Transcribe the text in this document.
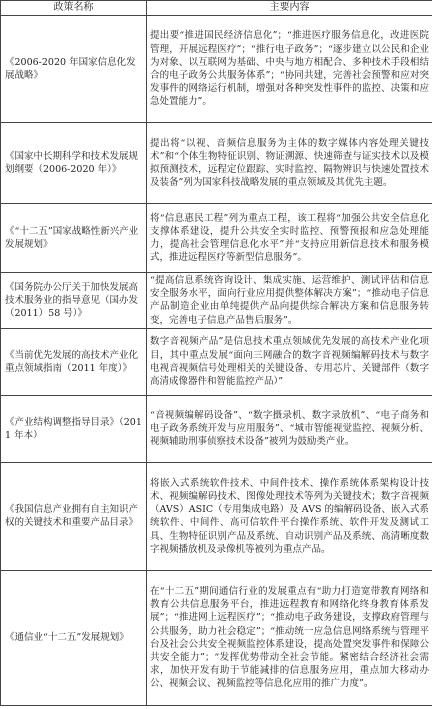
政策名称	主要内容
《2006-2020 年国家信息化发展战略》	提出要“推进国民经济信息化”；“推进医疗服务信息化，改进医院管理，开展远程医疗”；“推行电子政务”；“逐步建立以公民和企业为对象、以互联网为基础、中央与地方相配合、多种技术手段相结合的电子政务公共服务体系”；“协同共建，完善社会预警和应对突发事件的网络运行机制，增强对各种突发性事件的监控、决策和应急处置能力”。
《国家中长期科学和技术发展规划纲要（2006-2020 年）》	提出将“以视、音频信息服务为主体的数字媒体内容处理关键技术”和“个体生物特征识别、物证溯源、快速筛查与证实技术以及模拟预测技术，远程定位跟踪、实时监控、隔物辨识与快速处置技术及装备”列为国家科技战略发展的重点领域及其优先主题。
《“十二五”国家战略性新兴产业发展规划》	将“信息惠民工程”列为重点工程，该工程将“加强公共安全信息化支撑体系建设，提升公共安全实时监控、预警预报和应急处理能力，提高社会管理信息化水平”并“支持应用新信息技术和服务模式，推进远程医疗等新型信息服务”。
《国务院办公厅关于加快发展高技术服务业的指导意见（国办发（2011）58 号）》	“提高信息系统咨询设计、集成实施、运营维护、测试评估和信息安全服务水平，面向行业应用提供整体解决方案”；“推动电子信息产品制造企业由单纯提供产品向提供综合解决方案和信息服务转变，完善电子信息产品售后服务”。
《当前优先发展的高技术产业化重点领域指南（2011 年度）》	数字音视频产品”是信息技术重点领域优先发展的高技术产业化项目，其中重点发展“面向三网融合的数字音视频编解码技术与数字电视音视频信号处理相关的关键设备、专用芯片、关键部件（数字高清成像器件和智能监控产品）”
《产业结构调整指导目录》（2011 年本）	“音视频编解码设备”、“数字摄录机、数字录放机”、“电子商务和电子政务系统开发与应用服务”、“城市智能视觉监控、视频分析、视频辅助刑事侦察技术设备”被列为鼓励类产业。
《我国信息产业拥有自主知识产权的关键技术和重要产品目录》	将嵌入式系统软件技术、中间件技术、操作系统体系架构设计技术、视频编解码技术、图像处理技术等列为关键技术；数字音视频（AVS）ASIC（专用集成电路）及 AVS 的编解码设备、嵌入式系统软件、中间件、高可信软件平台操作系统、软件开发及测试工具、生物特征识别产品及系统、自动识别产品及系统、高清晰度数字视频播放机及录像机等被列为重点产品。
《通信业“十二五”发展规划》	在“十二五”期间通信行业的发展重点有“助力打造宽带教育网络和教育公共信息服务平台，推进远程教育和网络化终身教育体系发展”；“推进网上远程医疗”；“推动电子政务建设，支撑政府管理与公共服务，助力社会稳定”；“推动统一应急信息网络系统与管理平台及社会公共安全视频监控体系建设，提高处置突发事件和保障公共安全能力”；“发挥优势带动全社会节能。紧密结合经济社会需求，加快开发有助于节能减排的信息服务应用，重点加大移动办公、视频会议、视频监控等信息化应用的推广力度”。
